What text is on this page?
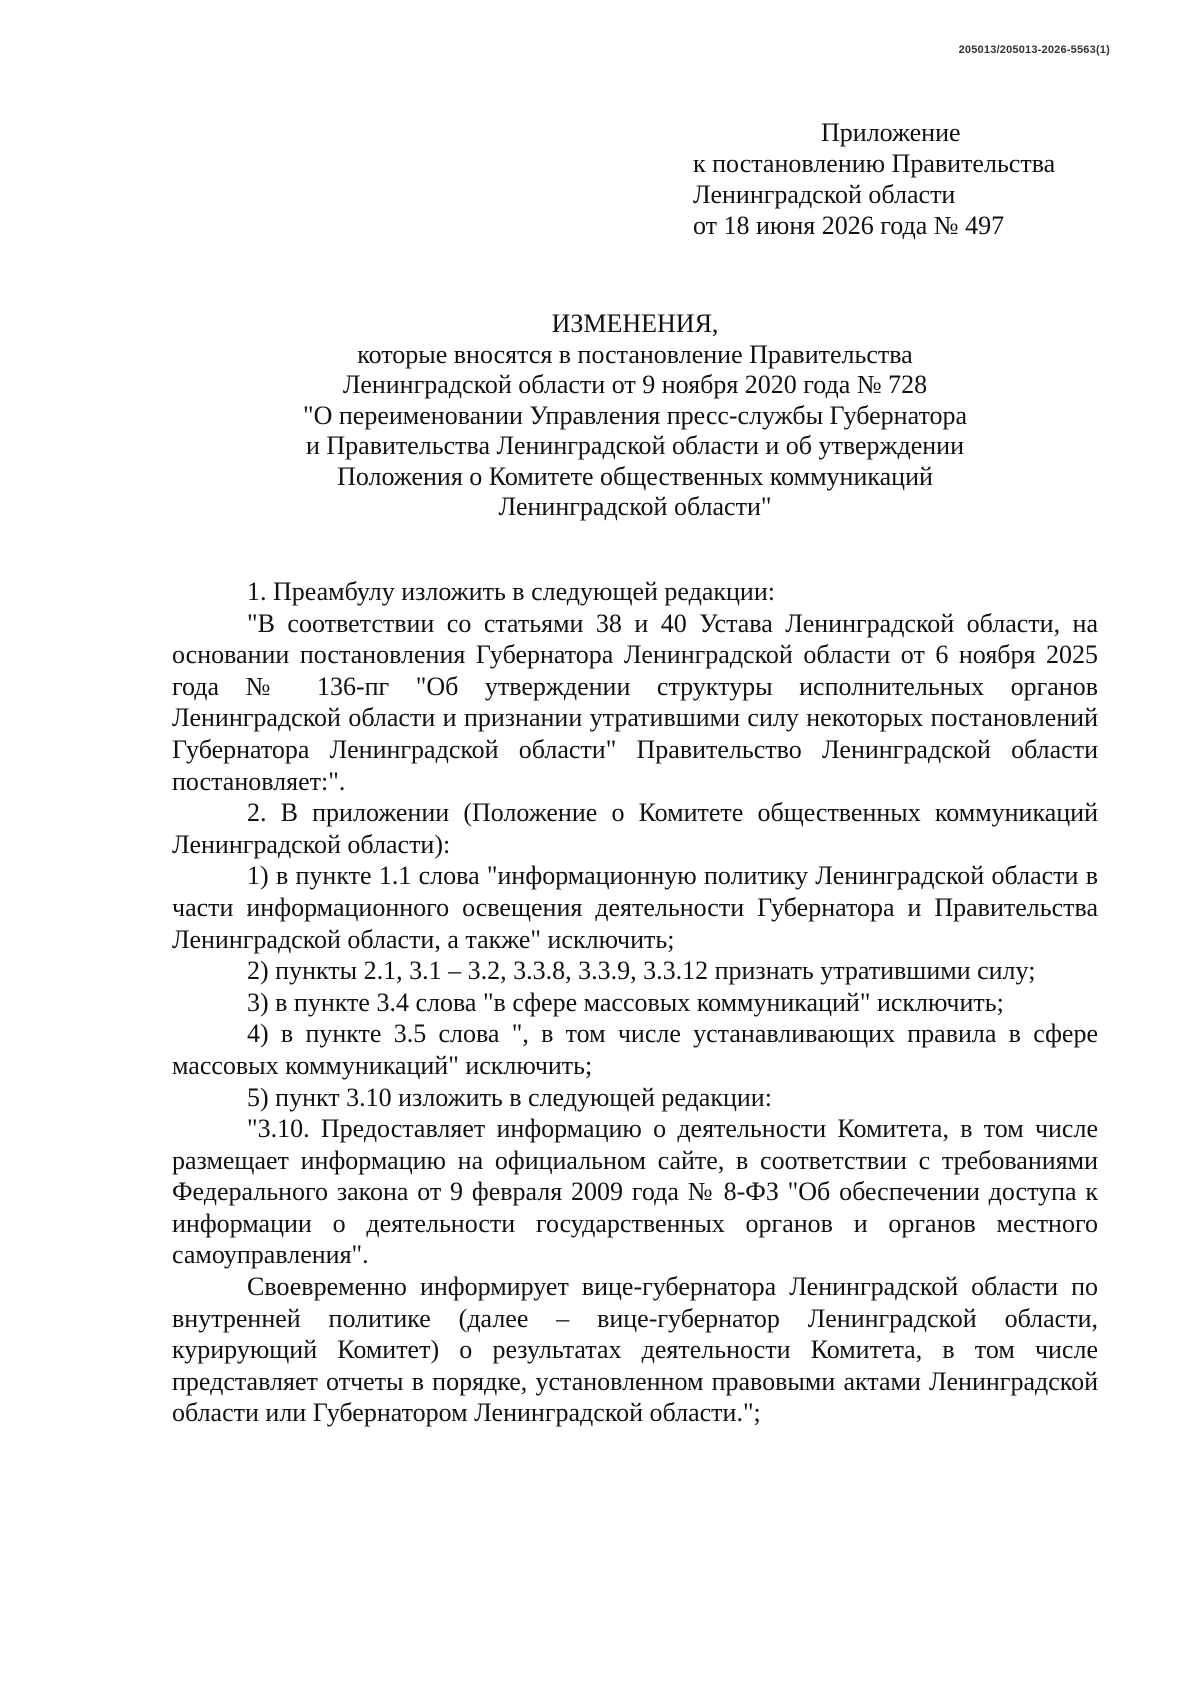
205013/205013-2026-5563(1)
Приложение
к постановлению Правительства
Ленинградской области
от 18 июня 2026 года № 497
ИЗМЕНЕНИЯ,
которые вносятся в постановление Правительства
Ленинградской области от 9 ноября 2020 года № 728
"О переименовании Управления пресс-службы Губернатора
и Правительства Ленинградской области и об утверждении
Положения о Комитете общественных коммуникаций
Ленинградской области"

1. Преамбулу изложить в следующей редакции:

"В соответствии со статьями 38 и 40 Устава Ленинградской области, на основании постановления Губернатора Ленинградской области от 6 ноября 2025 года № 136-пг "Об утверждении структуры исполнительных органов Ленинградской области и признании утратившими силу некоторых постановлений Губернатора Ленинградской области" Правительство Ленинградской области постановляет:".

2. В приложении (Положение о Комитете общественных коммуникаций Ленинградской области):

1) в пункте 1.1 слова "информационную политику Ленинградской области в части информационного освещения деятельности Губернатора и Правительства Ленинградской области, а также" исключить;

2) пункты 2.1, 3.1 – 3.2, 3.3.8, 3.3.9, 3.3.12 признать утратившими силу;

3) в пункте 3.4 слова "в сфере массовых коммуникаций" исключить;

4) в пункте 3.5 слова ", в том числе устанавливающих правила в сфере массовых коммуникаций" исключить;

5) пункт 3.10 изложить в следующей редакции:

"3.10. Предоставляет информацию о деятельности Комитета, в том числе размещает информацию на официальном сайте, в соответствии с требованиями Федерального закона от 9 февраля 2009 года № 8-ФЗ "Об обеспечении доступа к информации о деятельности государственных органов и органов местного самоуправления".

Своевременно информирует вице-губернатора Ленинградской области по внутренней политике (далее – вице-губернатор Ленинградской области, курирующий Комитет) о результатах деятельности Комитета, в том числе представляет отчеты в порядке, установленном правовыми актами Ленинградской области или Губернатором Ленинградской области.";
